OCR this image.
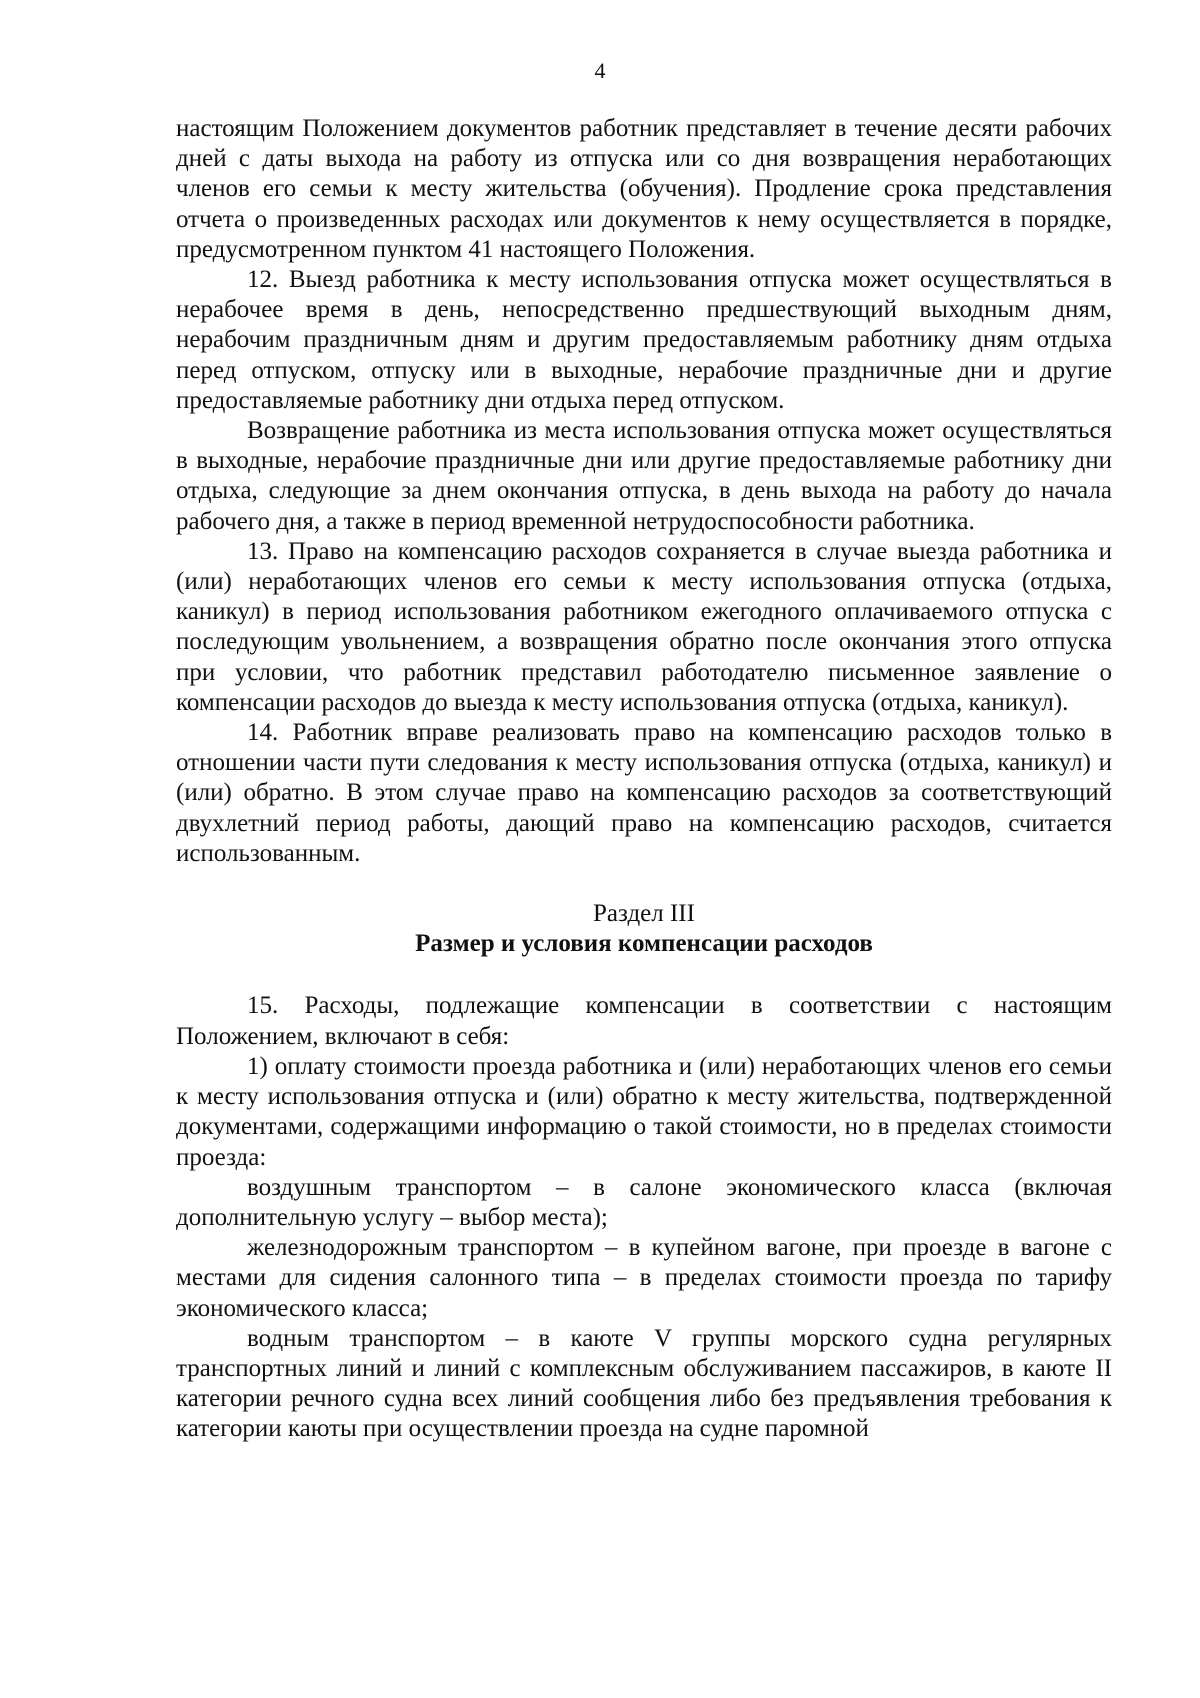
4

настоящим Положением документов работник представляет в течение десяти рабочих дней с даты выхода на работу из отпуска или со дня возвращения неработающих членов его семьи к месту жительства (обучения). Продление срока представления отчета о произведенных расходах или документов к нему осуществляется в порядке, предусмотренном пунктом 41 настоящего Положения.

12. Выезд работника к месту использования отпуска может осуществляться в нерабочее время в день, непосредственно предшествующий выходным дням, нерабочим праздничным дням и другим предоставляемым работнику дням отдыха перед отпуском, отпуску или в выходные, нерабочие праздничные дни и другие предоставляемые работнику дни отдыха перед отпуском.

Возвращение работника из места использования отпуска может осуществляться в выходные, нерабочие праздничные дни или другие предоставляемые работнику дни отдыха, следующие за днем окончания отпуска, в день выхода на работу до начала рабочего дня, а также в период временной нетрудоспособности работника.

13. Право на компенсацию расходов сохраняется в случае выезда работника и (или) неработающих членов его семьи к месту использования отпуска (отдыха, каникул) в период использования работником ежегодного оплачиваемого отпуска с последующим увольнением, а возвращения обратно после окончания этого отпуска при условии, что работник представил работодателю письменное заявление о компенсации расходов до выезда к месту использования отпуска (отдыха, каникул).

14. Работник вправе реализовать право на компенсацию расходов только в отношении части пути следования к месту использования отпуска (отдыха, каникул) и (или) обратно. В этом случае право на компенсацию расходов за соответствующий двухлетний период работы, дающий право на компенсацию расходов, считается использованным.

Раздел III
Размер и условия компенсации расходов

15. Расходы, подлежащие компенсации в соответствии с настоящим Положением, включают в себя:

1) оплату стоимости проезда работника и (или) неработающих членов его семьи к месту использования отпуска и (или) обратно к месту жительства, подтвержденной документами, содержащими информацию о такой стоимости, но в пределах стоимости проезда:

воздушным транспортом – в салоне экономического класса (включая дополнительную услугу – выбор места);

железнодорожным транспортом – в купейном вагоне, при проезде в вагоне с местами для сидения салонного типа – в пределах стоимости проезда по тарифу экономического класса;

водным транспортом – в каюте V группы морского судна регулярных транспортных линий и линий с комплексным обслуживанием пассажиров, в каюте II категории речного судна всех линий сообщения либо без предъявления требования к категории каюты при осуществлении проезда на судне паромной
